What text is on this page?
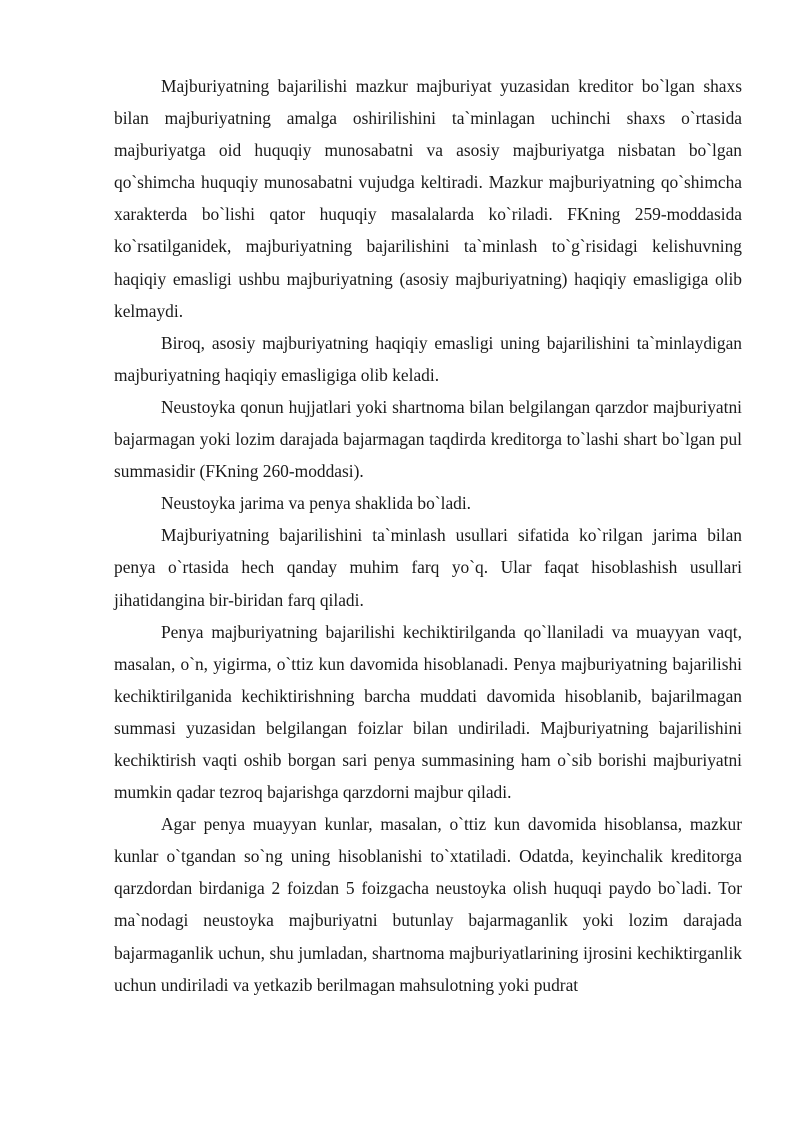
Majburiyatning bajarilishi mazkur majburiyat yuzasidan kreditor bo`lgan shaxs bilan majburiyatning amalga oshirilishini ta`minlagan uchinchi shaxs o`rtasida majburiyatga oid huquqiy munosabatni va asosiy majburiyatga nisbatan bo`lgan qo`shimcha huquqiy munosabatni vujudga keltiradi. Mazkur majburiyatning qo`shimcha xarakterda bo`lishi qator huquqiy masalalarda ko`riladi. FKning 259-moddasida ko`rsatilganidek, majburiyatning bajarilishini ta`minlash to`g`risidagi kelishuvning haqiqiy emasligi ushbu majburiyatning (asosiy majburiyatning) haqiqiy emasligiga olib kelmaydi.

Biroq, asosiy majburiyatning haqiqiy emasligi uning bajarilishini ta`minlaydigan majburiyatning haqiqiy emasligiga olib keladi.

Neustoyka qonun hujjatlari yoki shartnoma bilan belgilangan qarzdor majburiyatni bajarmagan yoki lozim darajada bajarmagan taqdirda kreditorga to`lashi shart bo`lgan pul summasidir (FKning 260-moddasi).

Neustoyka jarima va penya shaklida bo`ladi.

Majburiyatning bajarilishini ta`minlash usullari sifatida ko`rilgan jarima bilan penya o`rtasida hech qanday muhim farq yo`q. Ular faqat hisoblashish usullari jihatidangina bir-biridan farq qiladi.

Penya majburiyatning bajarilishi kechiktirilganda qo`llaniladi va muayyan vaqt, masalan, o`n, yigirma, o`ttiz kun davomida hisoblanadi. Penya majburiyatning bajarilishi kechiktirilganida kechiktirishning barcha muddati davomida hisoblanib, bajarilmagan summasi yuzasidan belgilangan foizlar bilan undiriladi. Majburiyatning bajarilishini kechiktirish vaqti oshib borgan sari penya summasining ham o`sib borishi majburiyatni mumkin qadar tezroq bajarishga qarzdorni majbur qiladi.

Agar penya muayyan kunlar, masalan, o`ttiz kun davomida hisoblansa, mazkur kunlar o`tgandan so`ng uning hisoblanishi to`xtatiladi. Odatda, keyinchalik kreditorga qarzdordan birdaniga 2 foizdan 5 foizgacha neustoyka olish huquqi paydo bo`ladi. Tor ma`nodagi neustoyka majburiyatni butunlay bajarmaganlik yoki lozim darajada bajarmaganlik uchun, shu jumladan, shartnoma majburiyatlarining ijrosini kechiktirganlik uchun undiriladi va yetkazib berilmagan mahsulotning yoki pudrat
